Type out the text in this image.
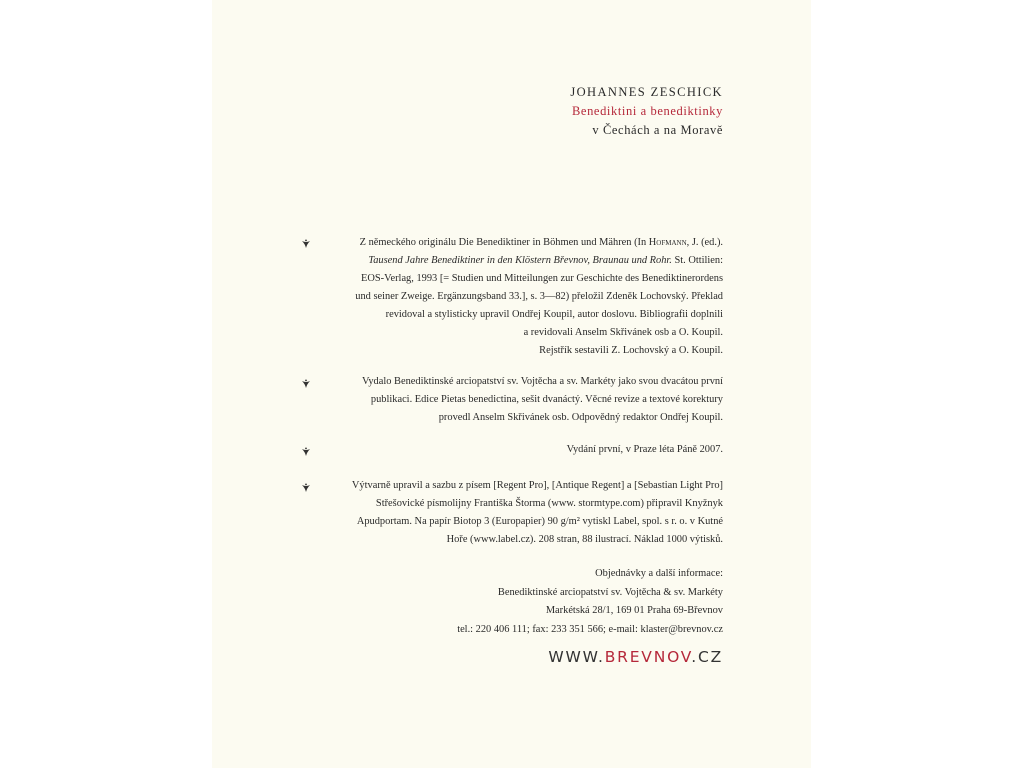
JOHANNES ZESCHICK
Benediktini a benediktinky
v Čechách a na Moravě
Z německého originálu Die Benediktiner in Böhmen und Mähren (In Hofmann, J. (ed.).
Tausend Jahre Benediktiner in den Klöstern Břevnov, Braunau und Rohr. St. Ottilien:
EOS-Verlag, 1993 [= Studien und Mitteilungen zur Geschichte des Benediktinerordens
und seiner Zweige. Ergänzungsband 33.], s. 3—82) přeložil Zdeněk Lochovský. Překlad
revidoval a stylisticky upravil Ondřej Koupil, autor doslovu. Bibliografii doplnili
a revidovali Anselm Skřivánek osb a O. Koupil.
Rejstřík sestavili Z. Lochovský a O. Koupil.
Vydalo Benediktinské arciopatství sv. Vojtěcha a sv. Markéty jako svou dvacátou první
publikaci. Edice Pietas benedictina, sešit dvanáctý. Věcné revize a textové korektury
provedl Anselm Skřivánek osb. Odpovědný redaktor Ondřej Koupil.
Vydání první, v Praze léta Páně 2007.
Výtvarně upravil a sazbu z písem [Regent Pro], [Antique Regent] a [Sebastian Light Pro]
Střešovické písmolijny Františka Štorma (www. stormtype.com) připravil Knyžnyk
Apudportam. Na papír Biotop 3 (Europapier) 90 g/m² vytiskl Label, spol. s r. o. v Kutné
Hoře (www.label.cz). 208 stran, 88 ilustrací. Náklad 1000 výtisků.
Objednávky a další informace:
Benediktinské arciopatství sv. Vojtěcha & sv. Markéty
Markétská 28/1, 169 01 Praha 69-Břevnov
tel.: 220 406 111; fax: 233 351 566; e-mail: klaster@brevnov.cz
WWW.BREVNOV.CZ
